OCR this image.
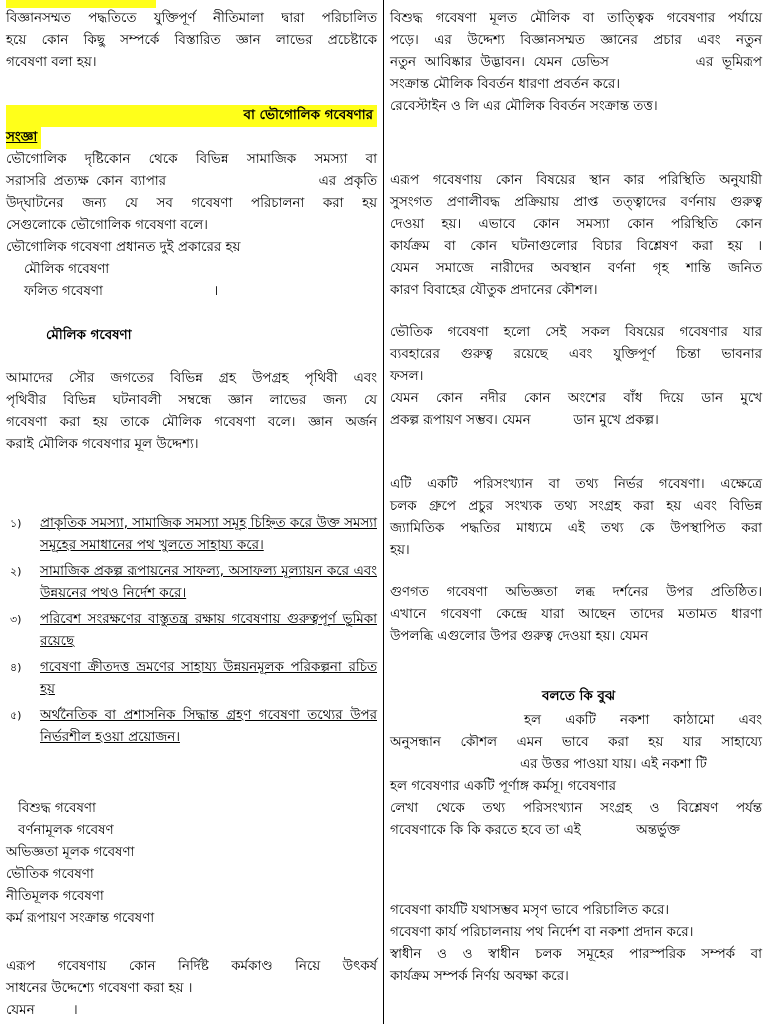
বিজ্ঞানসম্মত পদ্ধতিতে যুক্তিপূর্ণ নীতিমালা দ্বারা পরিচালিত

হয়ে কোন কিছু সম্পর্কে বিস্তারিত জ্ঞান লাভের প্রচেষ্টাকে

গবেষণা বলা হয়।

বা ভৌগোলিক গবেষণার
সংজ্ঞা

ভৌগোলিক দৃষ্টিকোন থেকে বিভিন্ন সামাজিক সমস্যা বা

সরাসরি প্রত্যক্ষ কোন ব্যাপার                    এর প্রকৃতি

উদ্‌ঘাটনের জন্য যে সব গবেষণা পরিচালনা করা হয়

সেগুলোকে ভৌগোলিক গবেষণা বলে।

ভৌগোলিক গবেষণা প্রধানত দুই প্রকারের হয়

মৌলিক গবেষণা

ফলিত গবেষণা                          ।

মৌলিক গবেষণা

আমাদের সৌর জগতের বিভিন্ন গ্রহ উপগ্রহ পৃথিবী এবং

পৃথিবীর বিভিন্ন ঘটনাবলী সম্বন্ধে জ্ঞান লাভের জন্য যে

গবেষণা করা হয় তাকে মৌলিক গবেষণা বলে। জ্ঞান অর্জন

করাই মৌলিক গবেষণার মূল উদ্দেশ্য।

১) প্রাকৃতিক সমস্যা, সামাজিক সমস্যা সমূহ চিহ্নিত করে উক্ত সমস্যা সমূহের সমাধানের পথ খুলতে সাহায্য করে।
২) সামাজিক প্রকল্প রূপায়নের সাফল্য, অসাফল্য মূল্যায়ন করে এবং উন্নয়নের পথও নির্দেশ করে।
৩) পরিবেশ সংরক্ষণের বাস্তুতন্ত্র রক্ষায় গবেষণায় গুরুত্বপূর্ণ ভূমিকা রয়েছে
৪) গবেষণা ক্রীতদত্ত ভ্রমণের সাহায্য উন্নয়নমূলক পরিকল্পনা রচিত হয়
৫) অর্থনৈতিক বা প্রশাসনিক সিদ্ধান্ত গ্রহণ গবেষণা তথ্যের উপর নির্ভরশীল হওয়া প্রয়োজন।

বিশুদ্ধ গবেষণা

বর্ণনামূলক গবেষণ

অভিজ্ঞতা মূলক গবেষণা

ভৌতিক গবেষণা

নীতিমূলক গবেষণা

কর্ম রূপায়ণ সংক্রান্ত গবেষণা

এরূপ গবেষণায় কোন নির্দিষ্ট কর্মকাণ্ড নিয়ে উৎকর্ষ

সাধনের উদ্দেশ্যে গবেষণা করা হয় ।

যেমন         ।

বিশুদ্ধ গবেষণা মূলত মৌলিক বা তাত্ত্বিক গবেষণার পর্যায়ে

পড়ে। এর উদ্দেশ্য বিজ্ঞানসম্মত জ্ঞানের প্রচার এবং নতুন

নতুন আবিষ্কার উদ্ভাবন। যেমন ডেভিস          এর ভূমিরূপ

সংক্রান্ত মৌলিক বিবর্তন ধারণা প্রবর্তন করে।

রেবেস্টাইন ও লি এর মৌলিক বিবর্তন সংক্রান্ত তত্ত।

এরূপ গবেষণায় কোন বিষয়ের স্থান কার পরিস্থিতি অনুযায়ী

সুসংগত প্রণালীবদ্ধ প্রক্রিয়ায় প্রাপ্ত তত্ত্বাদের বর্ণনায় গুরুত্ব

দেওয়া হয়। এভাবে কোন সমস্যা কোন পরিস্থিতি কোন

কার্যক্রম বা কোন ঘটনাগুলোর বিচার বিশ্লেষণ করা হয় ।

যেমন সমাজে নারীদের অবস্থান বর্ণনা গৃহ শান্তি জনিত

কারণ বিবাহের যৌতুক প্রদানের কৌশল।

ভৌতিক গবেষণা হলো সেই সকল বিষয়ের গবেষণার যার

ব্যবহারের গুরুত্ব রয়েছে এবং যুক্তিপূর্ণ চিন্তা ভাবনার

ফসল।

যেমন কোন নদীর কোন অংশের বাঁধ দিয়ে ডান মুখে

প্রকল্প রূপায়ণ সম্ভব। যেমন          ডান মুখে প্রকল্প।

এটি একটি পরিসংখ্যান বা তথ্য নির্ভর গবেষণা। এক্ষেত্রে

চলক গ্রুপে প্রচুর সংখ্যক তথ্য সংগ্রহ করা হয় এবং বিভিন্ন

জ্যামিতিক পদ্ধতির মাধ্যমে এই তথ্য কে উপস্থাপিত করা

হয়।

গুণগত গবেষণা অভিজ্ঞতা লব্ধ দর্শনের উপর প্রতিষ্ঠিত।

এখানে গবেষণা কেন্দ্রে যারা আছেন তাদের মতামত ধারণা

উপলব্ধি এগুলোর উপর গুরুত্ব দেওয়া হয়। যেমন

বলতে কি বুঝ

হল একটি নকশা কাঠামো এবং

অনুসন্ধান কৌশল এমন ভাবে করা হয় যার সাহায্যে

এর উত্তর পাওয়া যায়। এই নকশা টি

হল গবেষণার একটি পূর্ণাঙ্গ কর্মসূ। গবেষণার

লেখা থেকে তথ্য পরিসংখ্যান সংগ্রহ ও বিশ্লেষণ পর্যন্ত

গবেষণাকে কি কি করতে হবে তা এই             অন্তর্ভুক্ত

গবেষণা কার্যটি যথাসম্ভব মসৃণ ভাবে পরিচালিত করে।

গবেষণা কার্য পরিচালনায় পথ নির্দেশ বা নকশা প্রদান করে।

স্বাধীন ও ও স্বাধীন চলক সমূহের পারস্পরিক সম্পর্ক বা

কার্যক্রম সম্পর্ক নির্ণয় অবক্ষা করে।
